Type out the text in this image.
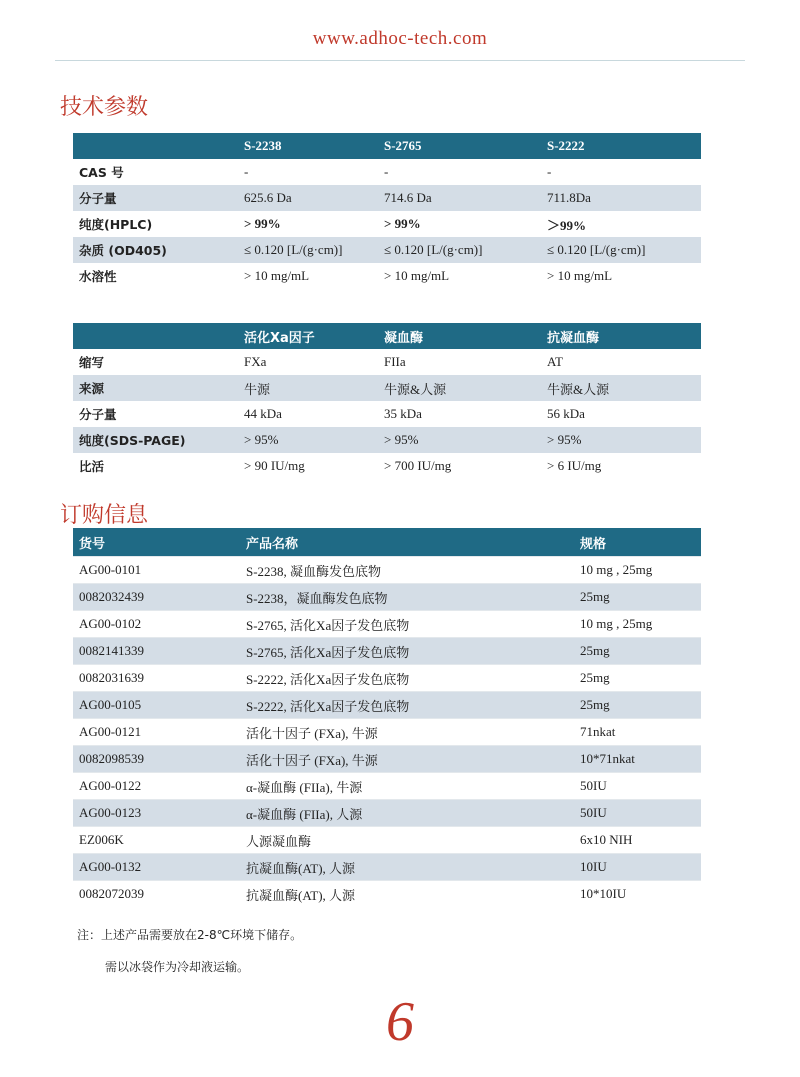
www.adhoc-tech.com
技术参数
	S-2238	S-2765	S-2222
CAS 号	-	-	-
分子量	625.6 Da	714.6 Da	711.8Da
纯度(HPLC)	> 99%	> 99%	＞99%
杂质 (OD405)	≤ 0.120 [L/(g·cm)]	≤ 0.120 [L/(g·cm)]	≤ 0.120 [L/(g·cm)]
水溶性	> 10 mg/mL	> 10 mg/mL	> 10 mg/mL
	活化Xa因子	凝血酶	抗凝血酶
缩写	FXa	FIIa	AT
来源	牛源	牛源&人源	牛源&人源
分子量	44 kDa	35 kDa	56 kDa
纯度(SDS-PAGE)	> 95%	> 95%	> 95%
比活	> 90 IU/mg	> 700 IU/mg	> 6 IU/mg
订购信息
货号	产品名称	规格
AG00-0101	S-2238, 凝血酶发色底物	10 mg , 25mg
0082032439	S-2238，凝血酶发色底物	25mg
AG00-0102	S-2765, 活化Xa因子发色底物	10 mg , 25mg
0082141339	S-2765, 活化Xa因子发色底物	25mg
0082031639	S-2222, 活化Xa因子发色底物	25mg
AG00-0105	S-2222, 活化Xa因子发色底物	25mg
AG00-0121	活化十因子 (FXa), 牛源	71nkat
0082098539	活化十因子 (FXa), 牛源	10*71nkat
AG00-0122	α-凝血酶 (FIIa), 牛源	50IU
AG00-0123	α-凝血酶 (FIIa), 人源	50IU
EZ006K	人源凝血酶	6x10 NIH
AG00-0132	抗凝血酶(AT), 人源	10IU
0082072039	抗凝血酶(AT), 人源	10*10IU
注：上述产品需要放在2-8℃环境下储存。
需以冰袋作为冷却液运输。
6
